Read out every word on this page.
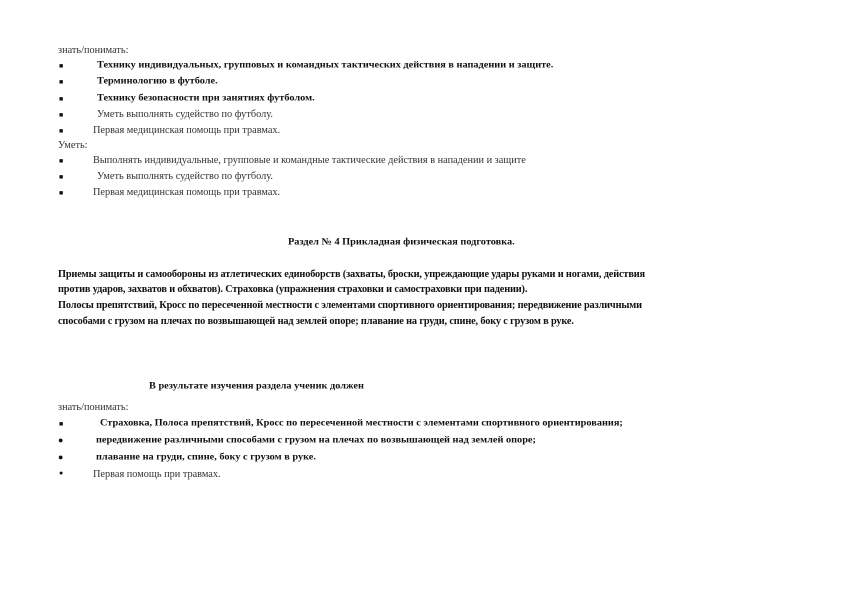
знать/понимать:
■	Технику индивидуальных, групповых и командных тактических действия в нападении и защите.
■	Терминологию в футболе.
■	Технику безопасности при занятиях футболом.
■	Уметь выполнять судейство по футболу.
■	Первая медицинская помощь при травмах.
Уметь:
■	Выполнять индивидуальные, групповые и командные тактические действия в нападении и защите
■	Уметь выполнять судейство по футболу.
■	Первая медицинская помощь при травмах.
Раздел № 4 Прикладная физическая подготовка.
Приемы защиты и самообороны из атлетических единоборств (захваты, броски, упреждающие удары руками и ногами, действия
против ударов, захватов и обхватов). Страховка (упражнения страховки и самостраховки при падении).
Полосы препятствий, Кросс по пересеченной местности с элементами спортивного ориентирования; передвижение различными
способами с грузом на плечах по возвышающей над землей опоре; плавание на груди, спине, боку с грузом в руке.
В результате изучения раздела ученик должен
знать/понимать:
■	Страховка, Полоса препятствий, Кросс по пересеченной местности с элементами спортивного ориентирования;
●	передвижение различными способами с грузом на плечах по возвышающей над землей опоре;
●	плавание на груди, спине, боку с грузом в руке.
●	Первая помощь при травмах.
